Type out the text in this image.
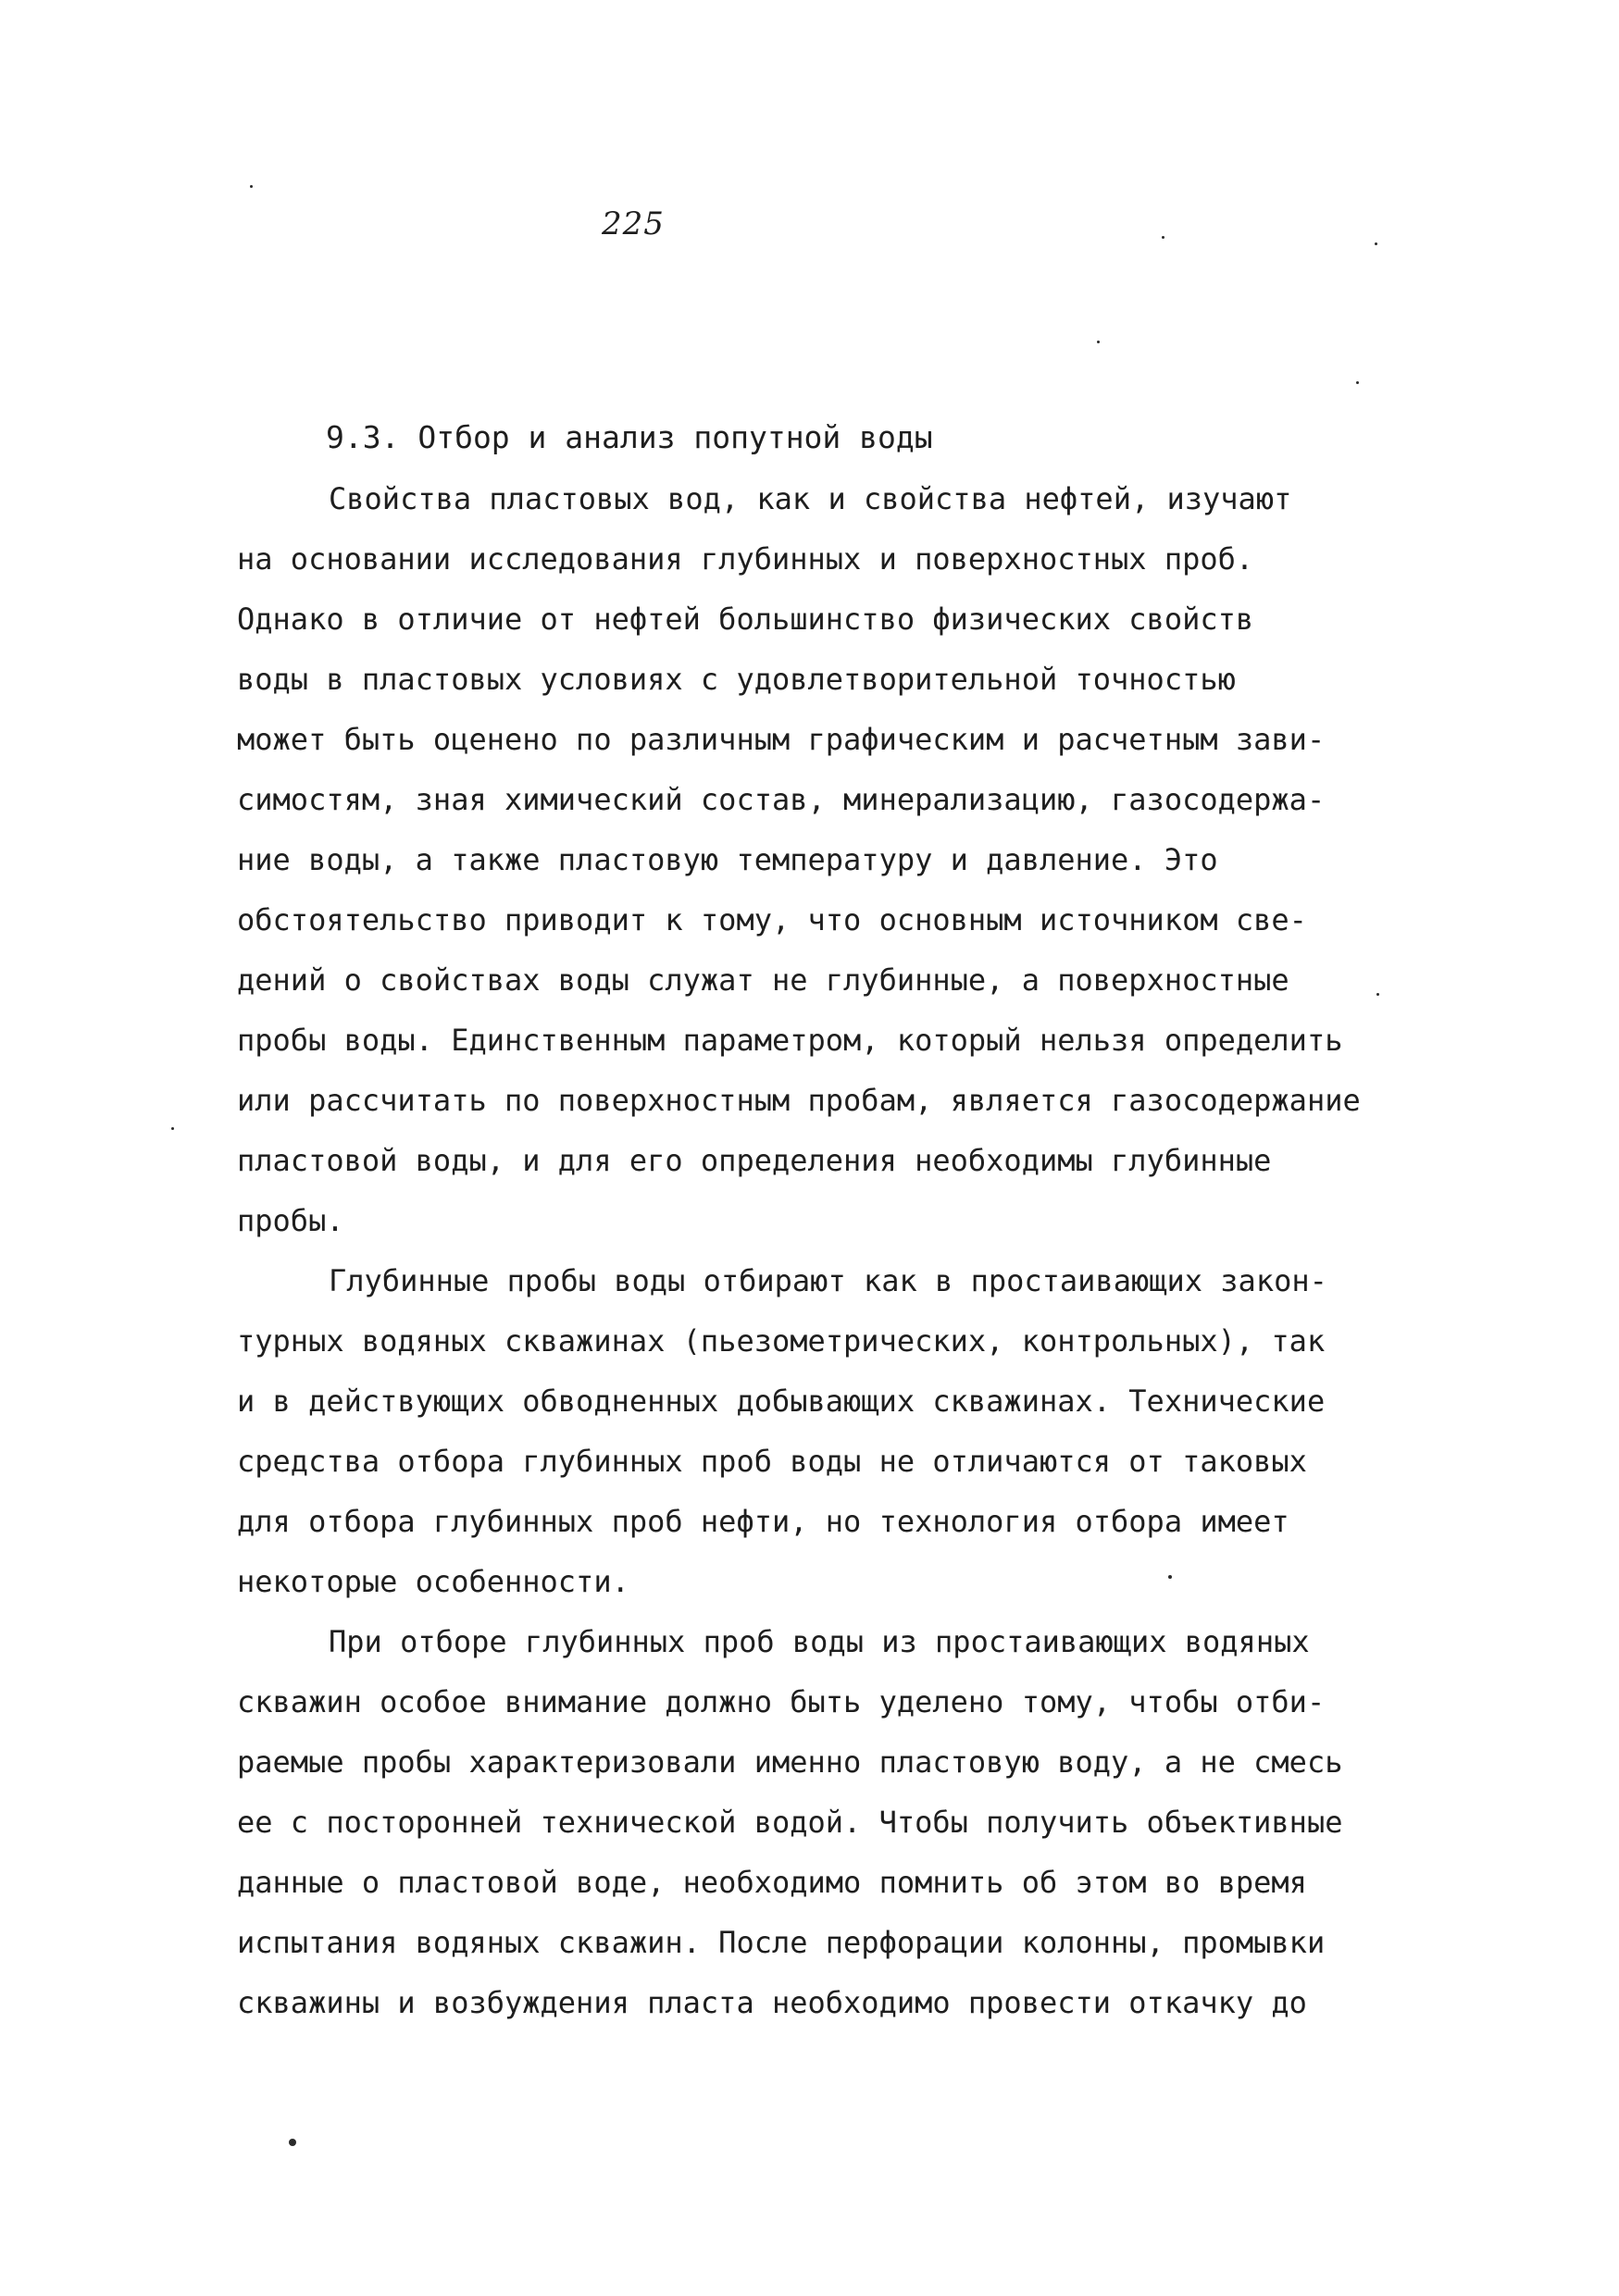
225
9.3. Отбор и анализ попутной воды
Свойства пластовых вод, как и свойства нефтей, изучают
на основании исследования глубинных и поверхностных проб.
Однако в отличие от нефтей большинство физических свойств
воды в пластовых условиях с удовлетворительной точностью
может быть оценено по различным графическим и расчетным зави-
симостям, зная химический состав, минерализацию, газосодержа-
ние воды, а также пластовую температуру и давление. Это
обстоятельство приводит к тому, что основным источником све-
дений о свойствах воды служат не глубинные, а поверхностные
пробы воды. Единственным параметром, который нельзя определить
или рассчитать по поверхностным пробам, является газосодержание
пластовой воды, и для его определения необходимы глубинные
пробы.
Глубинные пробы воды отбирают как в простаивающих закон-
турных водяных скважинах (пьезометрических, контрольных), так
и в действующих обводненных добывающих скважинах. Технические
средства отбора глубинных проб воды не отличаются от таковых
для отбора глубинных проб нефти, но технология отбора имеет
некоторые особенности.
При отборе глубинных проб воды из простаивающих водяных
скважин особое внимание должно быть уделено тому, чтобы отби-
раемые пробы характеризовали именно пластовую воду, а не смесь
ее с посторонней технической водой. Чтобы получить объективные
данные о пластовой воде, необходимо помнить об этом во время
испытания водяных скважин. После перфорации колонны, промывки
скважины и возбуждения пласта необходимо провести откачку до
